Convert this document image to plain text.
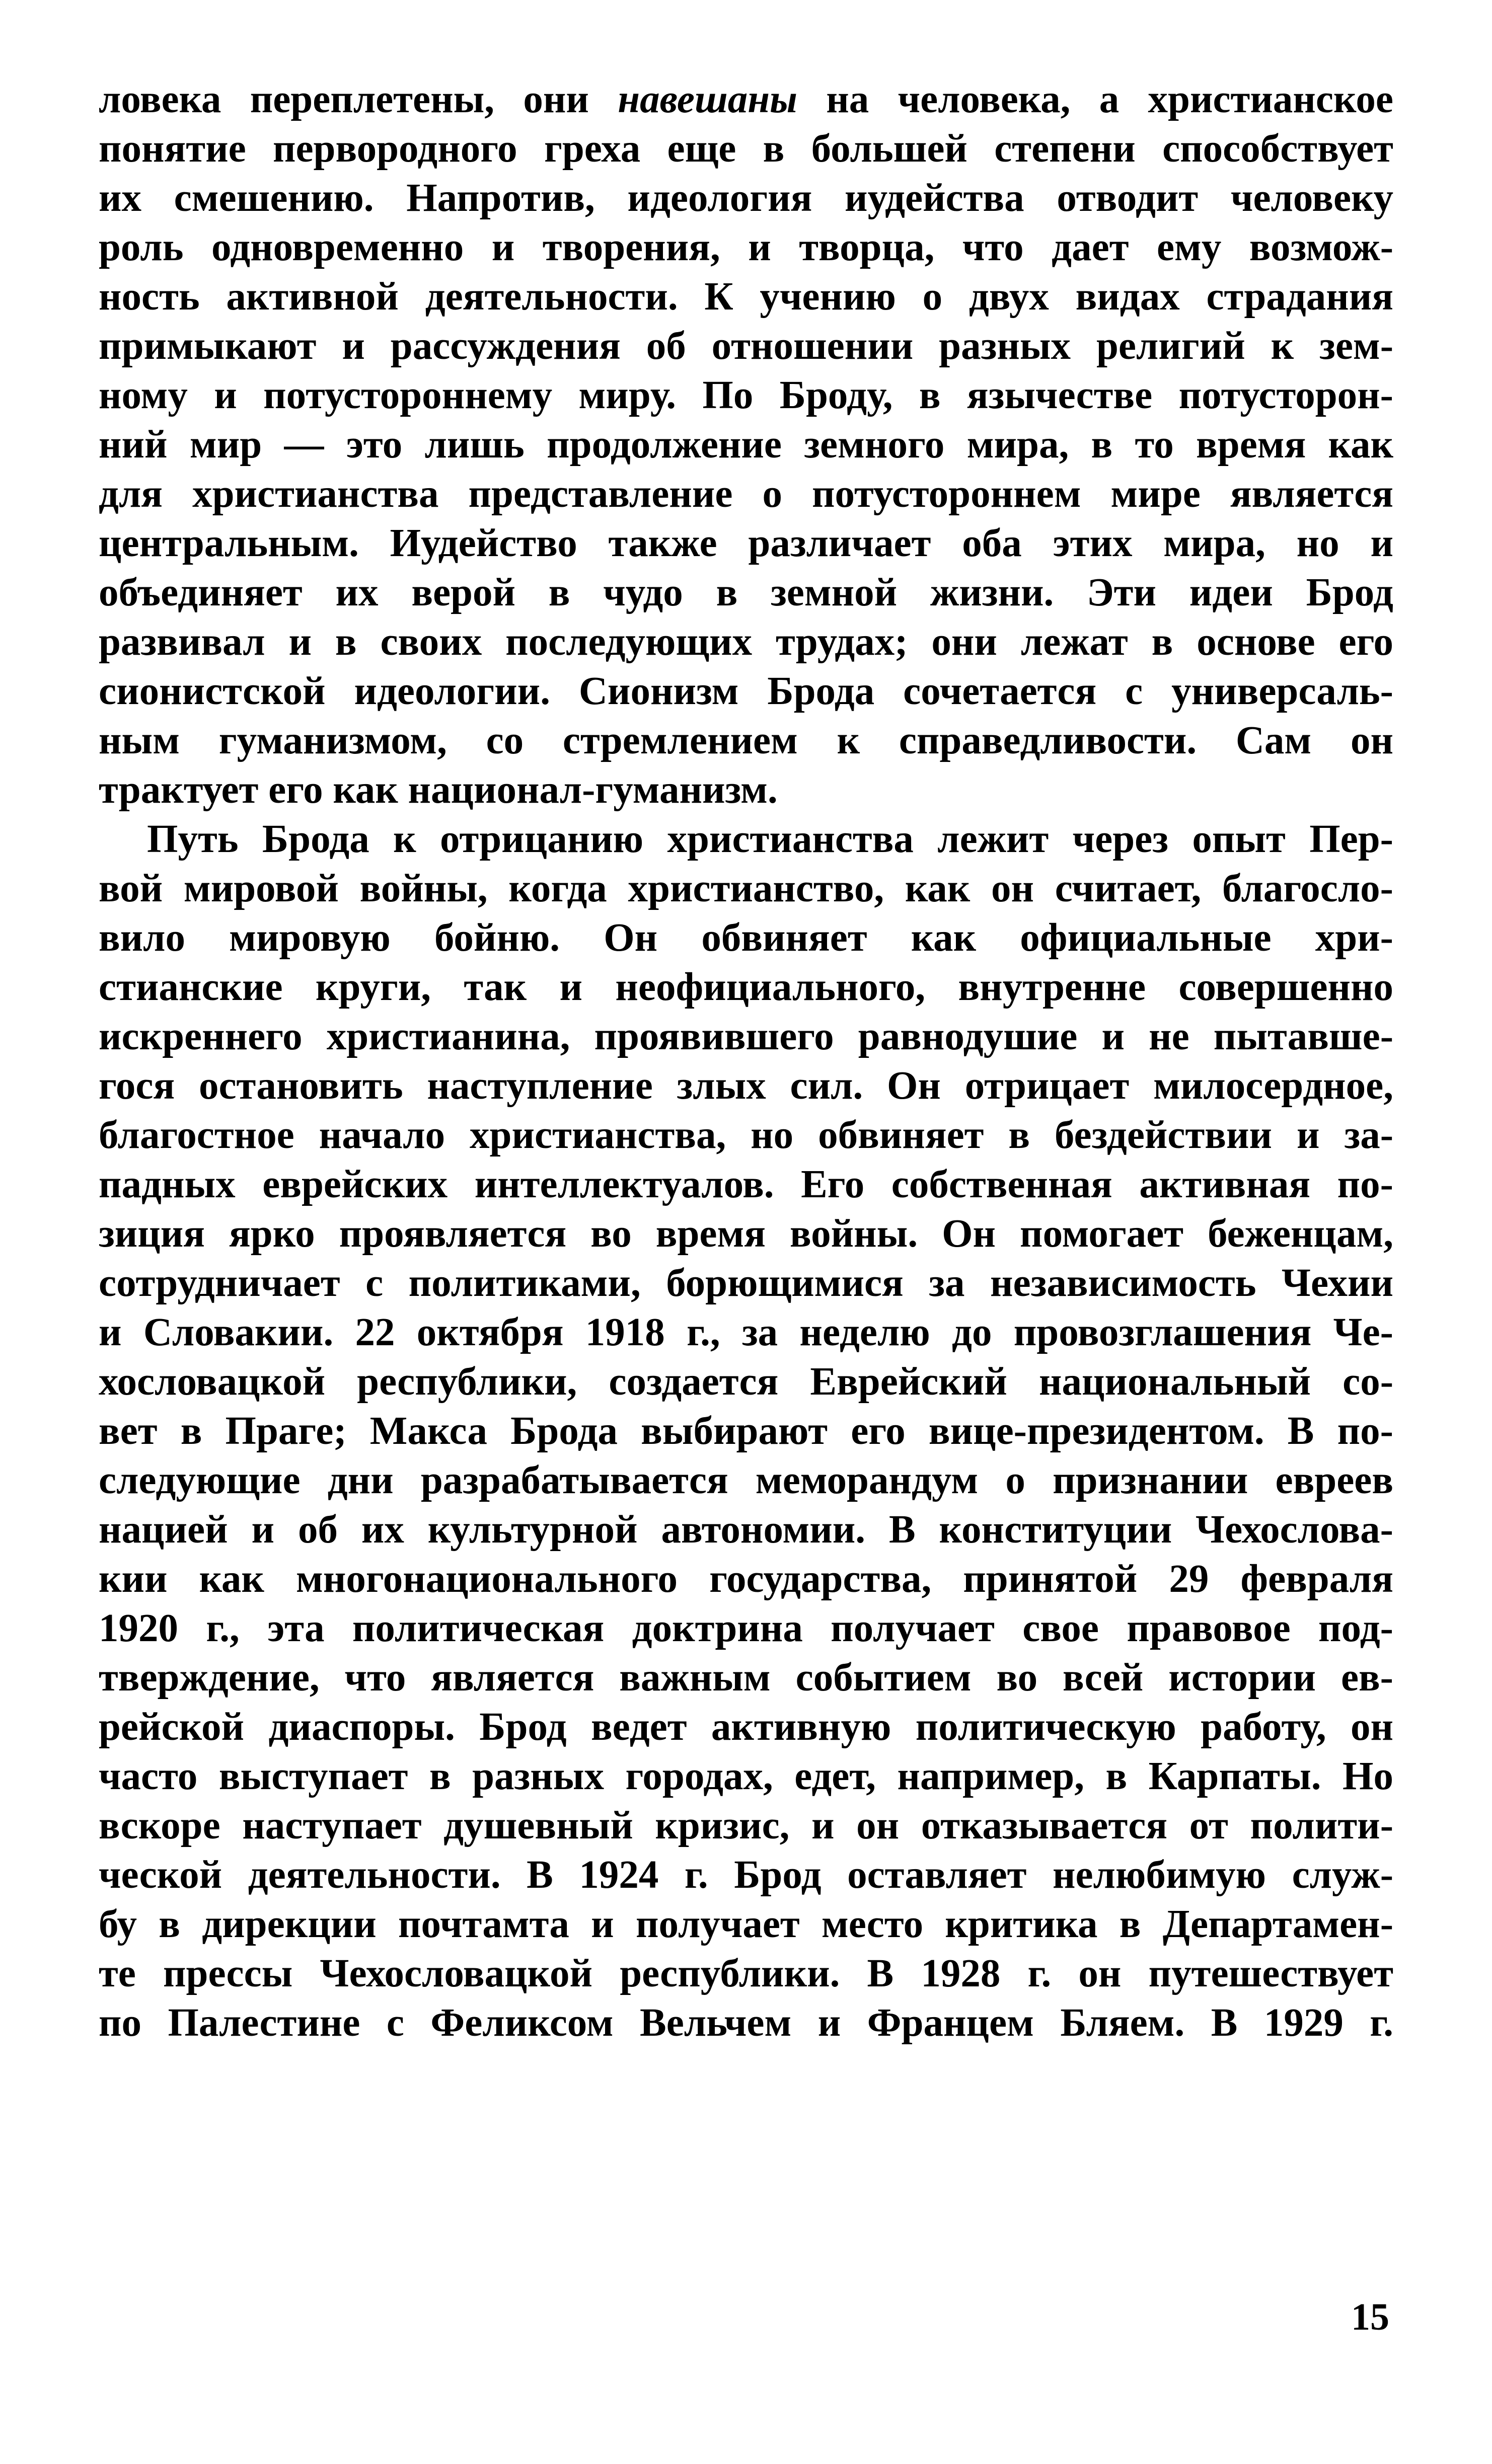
ловека переплетены, они навешаны на человека, а христианское
понятие первородного греха еще в большей степени способствует
их смешению. Напротив, идеология иудейства отводит человеку
роль одновременно и творения, и творца, что дает ему возмож-
ность активной деятельности. К учению о двух видах страдания
примыкают и рассуждения об отношении разных религий к зем-
ному и потустороннему миру. По Броду, в язычестве потусторон-
ний мир — это лишь продолжение земного мира, в то время как
для христианства представление о потустороннем мире является
центральным. Иудейство также различает оба этих мира, но и
объединяет их верой в чудо в земной жизни. Эти идеи Брод
развивал и в своих последующих трудах; они лежат в основе его
сионистской идеологии. Сионизм Брода сочетается с универсаль-
ным гуманизмом, со стремлением к справедливости. Сам он
трактует его как национал-гуманизм.
Путь Брода к отрицанию христианства лежит через опыт Пер-
вой мировой войны, когда христианство, как он считает, благосло-
вило мировую бойню. Он обвиняет как официальные хри-
стианские круги, так и неофициального, внутренне совершенно
искреннего христианина, проявившего равнодушие и не пытавше-
гося остановить наступление злых сил. Он отрицает милосердное,
благостное начало христианства, но обвиняет в бездействии и за-
падных еврейских интеллектуалов. Его собственная активная по-
зиция ярко проявляется во время войны. Он помогает беженцам,
сотрудничает с политиками, борющимися за независимость Чехии
и Словакии. 22 октября 1918 г., за неделю до провозглашения Че-
хословацкой республики, создается Еврейский национальный со-
вет в Праге; Макса Брода выбирают его вице-президентом. В по-
следующие дни разрабатывается меморандум о признании евреев
нацией и об их культурной автономии. В конституции Чехослова-
кии как многонационального государства, принятой 29 февраля
1920 г., эта политическая доктрина получает свое правовое под-
тверждение, что является важным событием во всей истории ев-
рейской диаспоры. Брод ведет активную политическую работу, он
часто выступает в разных городах, едет, например, в Карпаты. Но
вскоре наступает душевный кризис, и он отказывается от полити-
ческой деятельности. В 1924 г. Брод оставляет нелюбимую служ-
бу в дирекции почтамта и получает место критика в Департамен-
те прессы Чехословацкой республики. В 1928 г. он путешествует
по Палестине с Феликсом Вельчем и Францем Бляем. В 1929 г.
15
